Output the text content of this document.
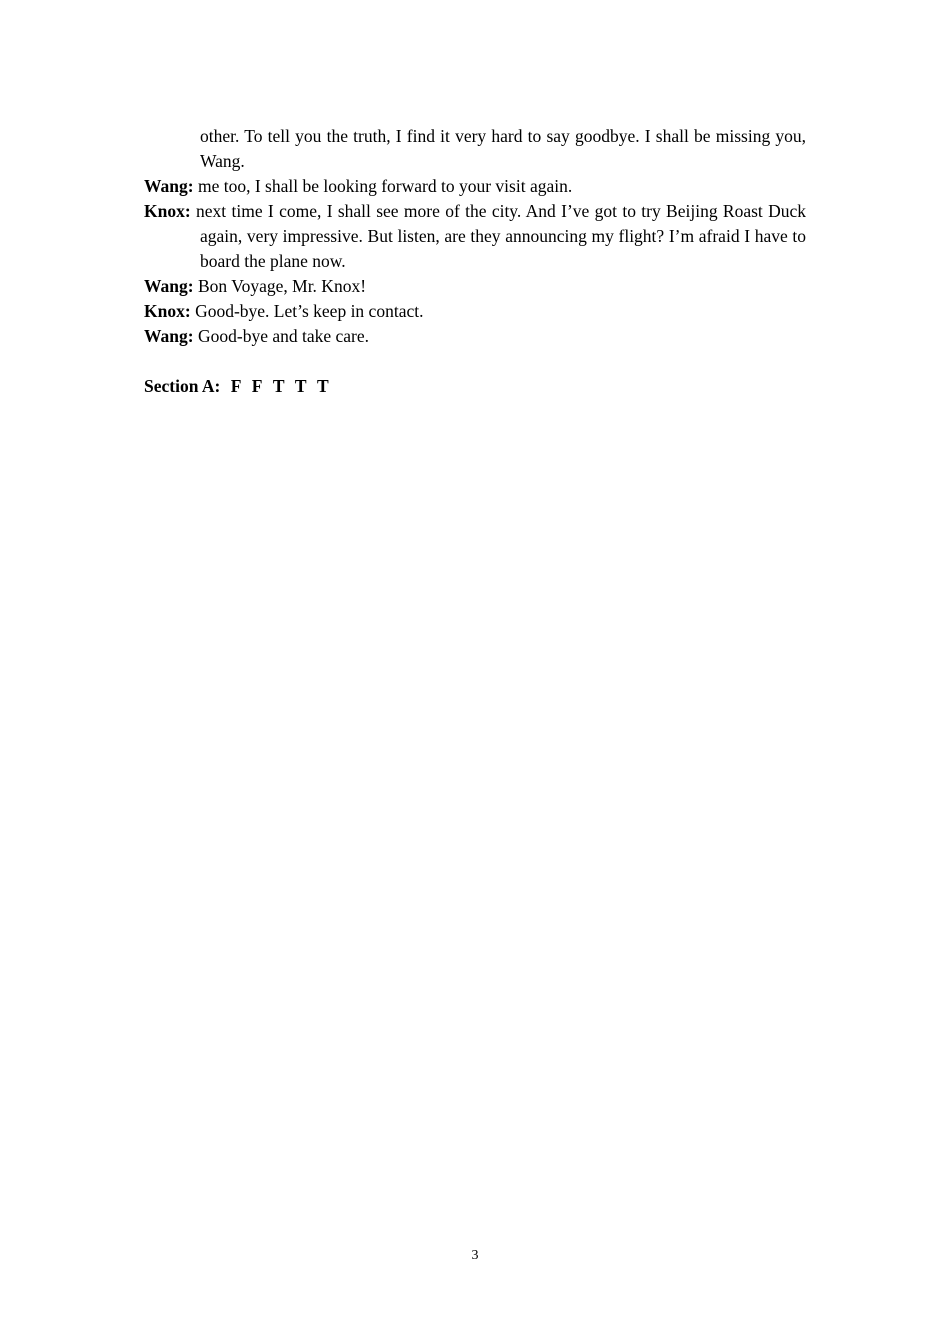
other. To tell you the truth, I find it very hard to say goodbye. I shall be missing you, Wang.

Wang: me too, I shall be looking forward to your visit again.

Knox: next time I come, I shall see more of the city. And I’ve got to try Beijing Roast Duck again, very impressive. But listen, are they announcing my flight? I’m afraid I have to board the plane now.

Wang: Bon Voyage, Mr. Knox!

Knox: Good-bye. Let’s keep in contact.

Wang: Good-bye and take care.

Section A: F F T T T
3
